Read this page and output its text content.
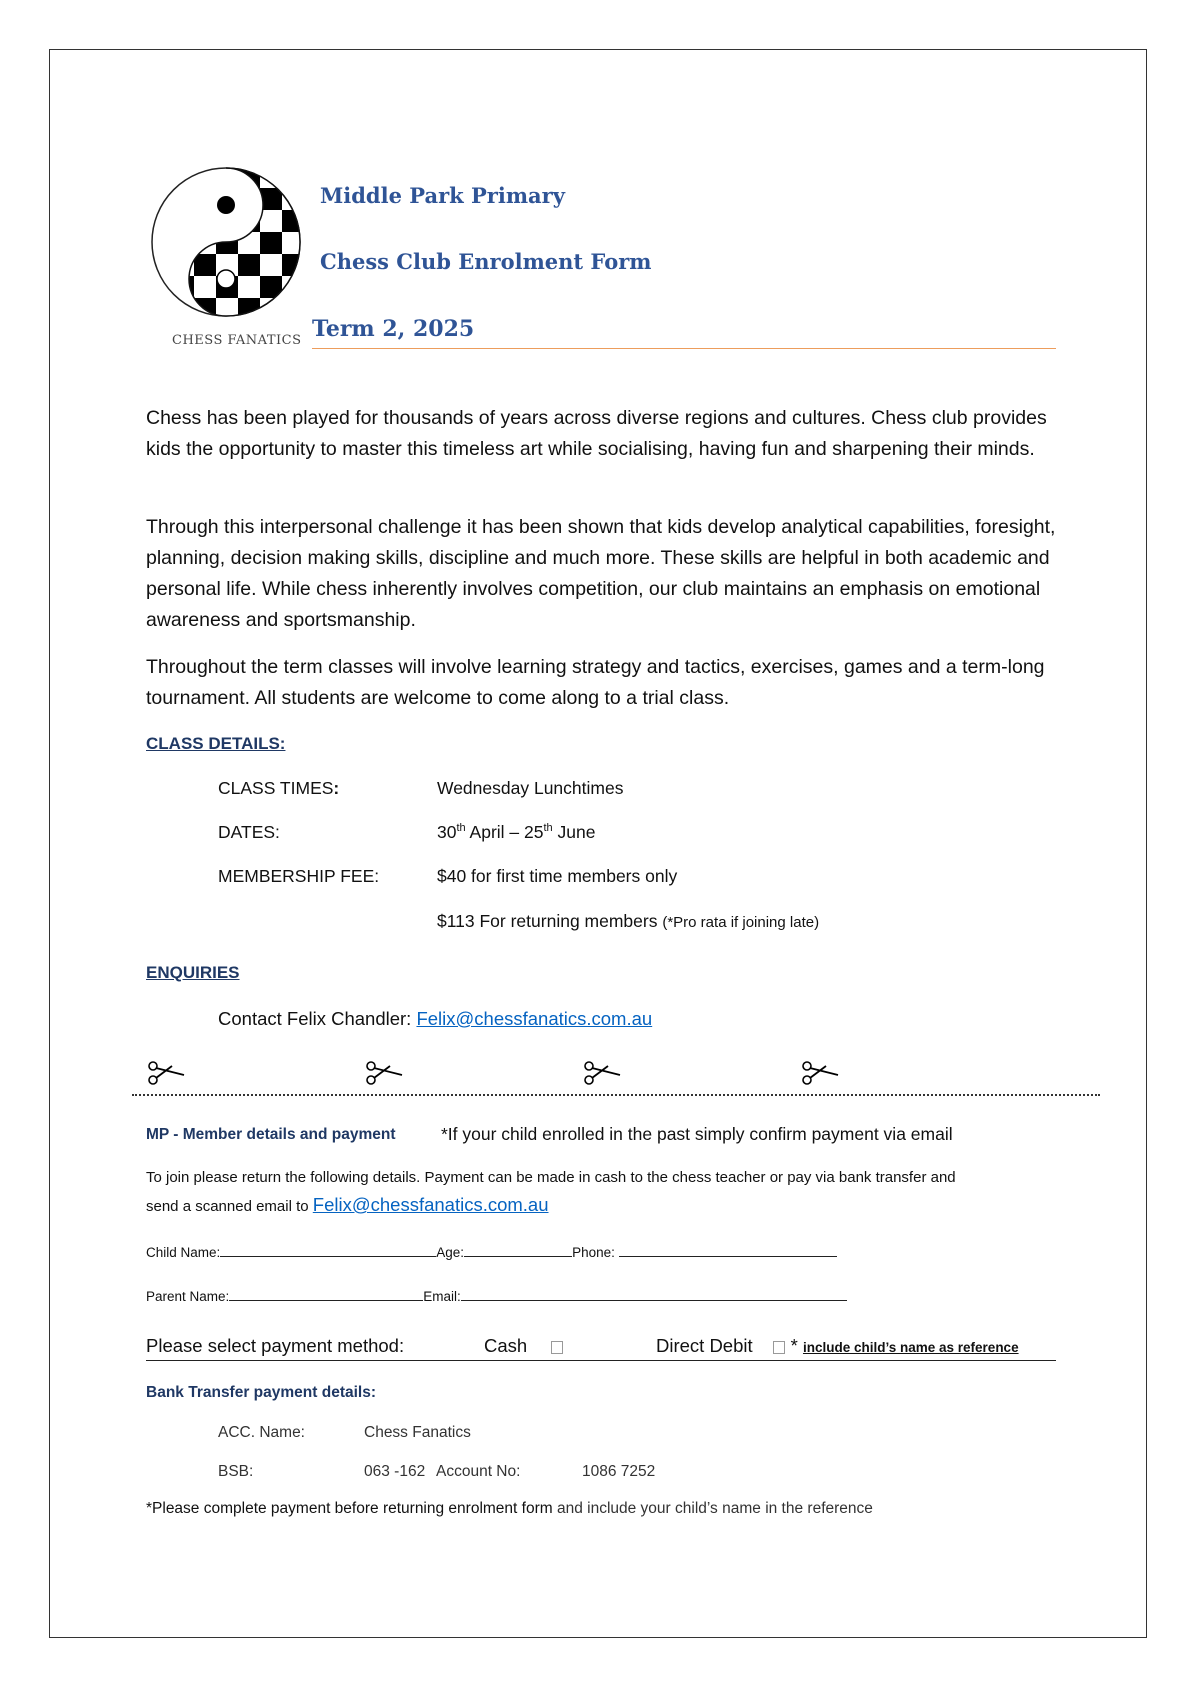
CHESS FANATICS
Middle Park Primary
Chess Club Enrolment Form
Term 2, 2025
Chess has been played for thousands of years across diverse regions and cultures. Chess club provides kids the opportunity to master this timeless art while socialising, having fun and sharpening their minds.
Through this interpersonal challenge it has been shown that kids develop analytical capabilities, foresight, planning, decision making skills, discipline and much more. These skills are helpful in both academic and personal life. While chess inherently involves competition, our club maintains an emphasis on emotional awareness and sportsmanship.
Throughout the term classes will involve learning strategy and tactics, exercises, games and a term-long tournament. All students are welcome to come along to a trial class.
CLASS DETAILS:
CLASS TIMES:	Wednesday Lunchtimes
DATES:	30th April – 25th June
MEMBERSHIP FEE:	$40 for first time members only
$113 For returning members (*Pro rata if joining late)
ENQUIRIES
Contact Felix Chandler: Felix@chessfanatics.com.au
MP - Member details and payment	*If your child enrolled in the past simply confirm payment via email
To join please return the following details. Payment can be made in cash to the chess teacher or pay via bank transfer and
send a scanned email to Felix@chessfanatics.com.au
Child Name:	Age:	Phone:
Parent Name:	Email:
Please select payment method:	Cash	Direct Debit * include child’s name as reference
Bank Transfer payment details:
ACC. Name:	Chess Fanatics
BSB:	063 -162 Account No:	1086 7252
*Please complete payment before returning enrolment form and include your child’s name in the reference
